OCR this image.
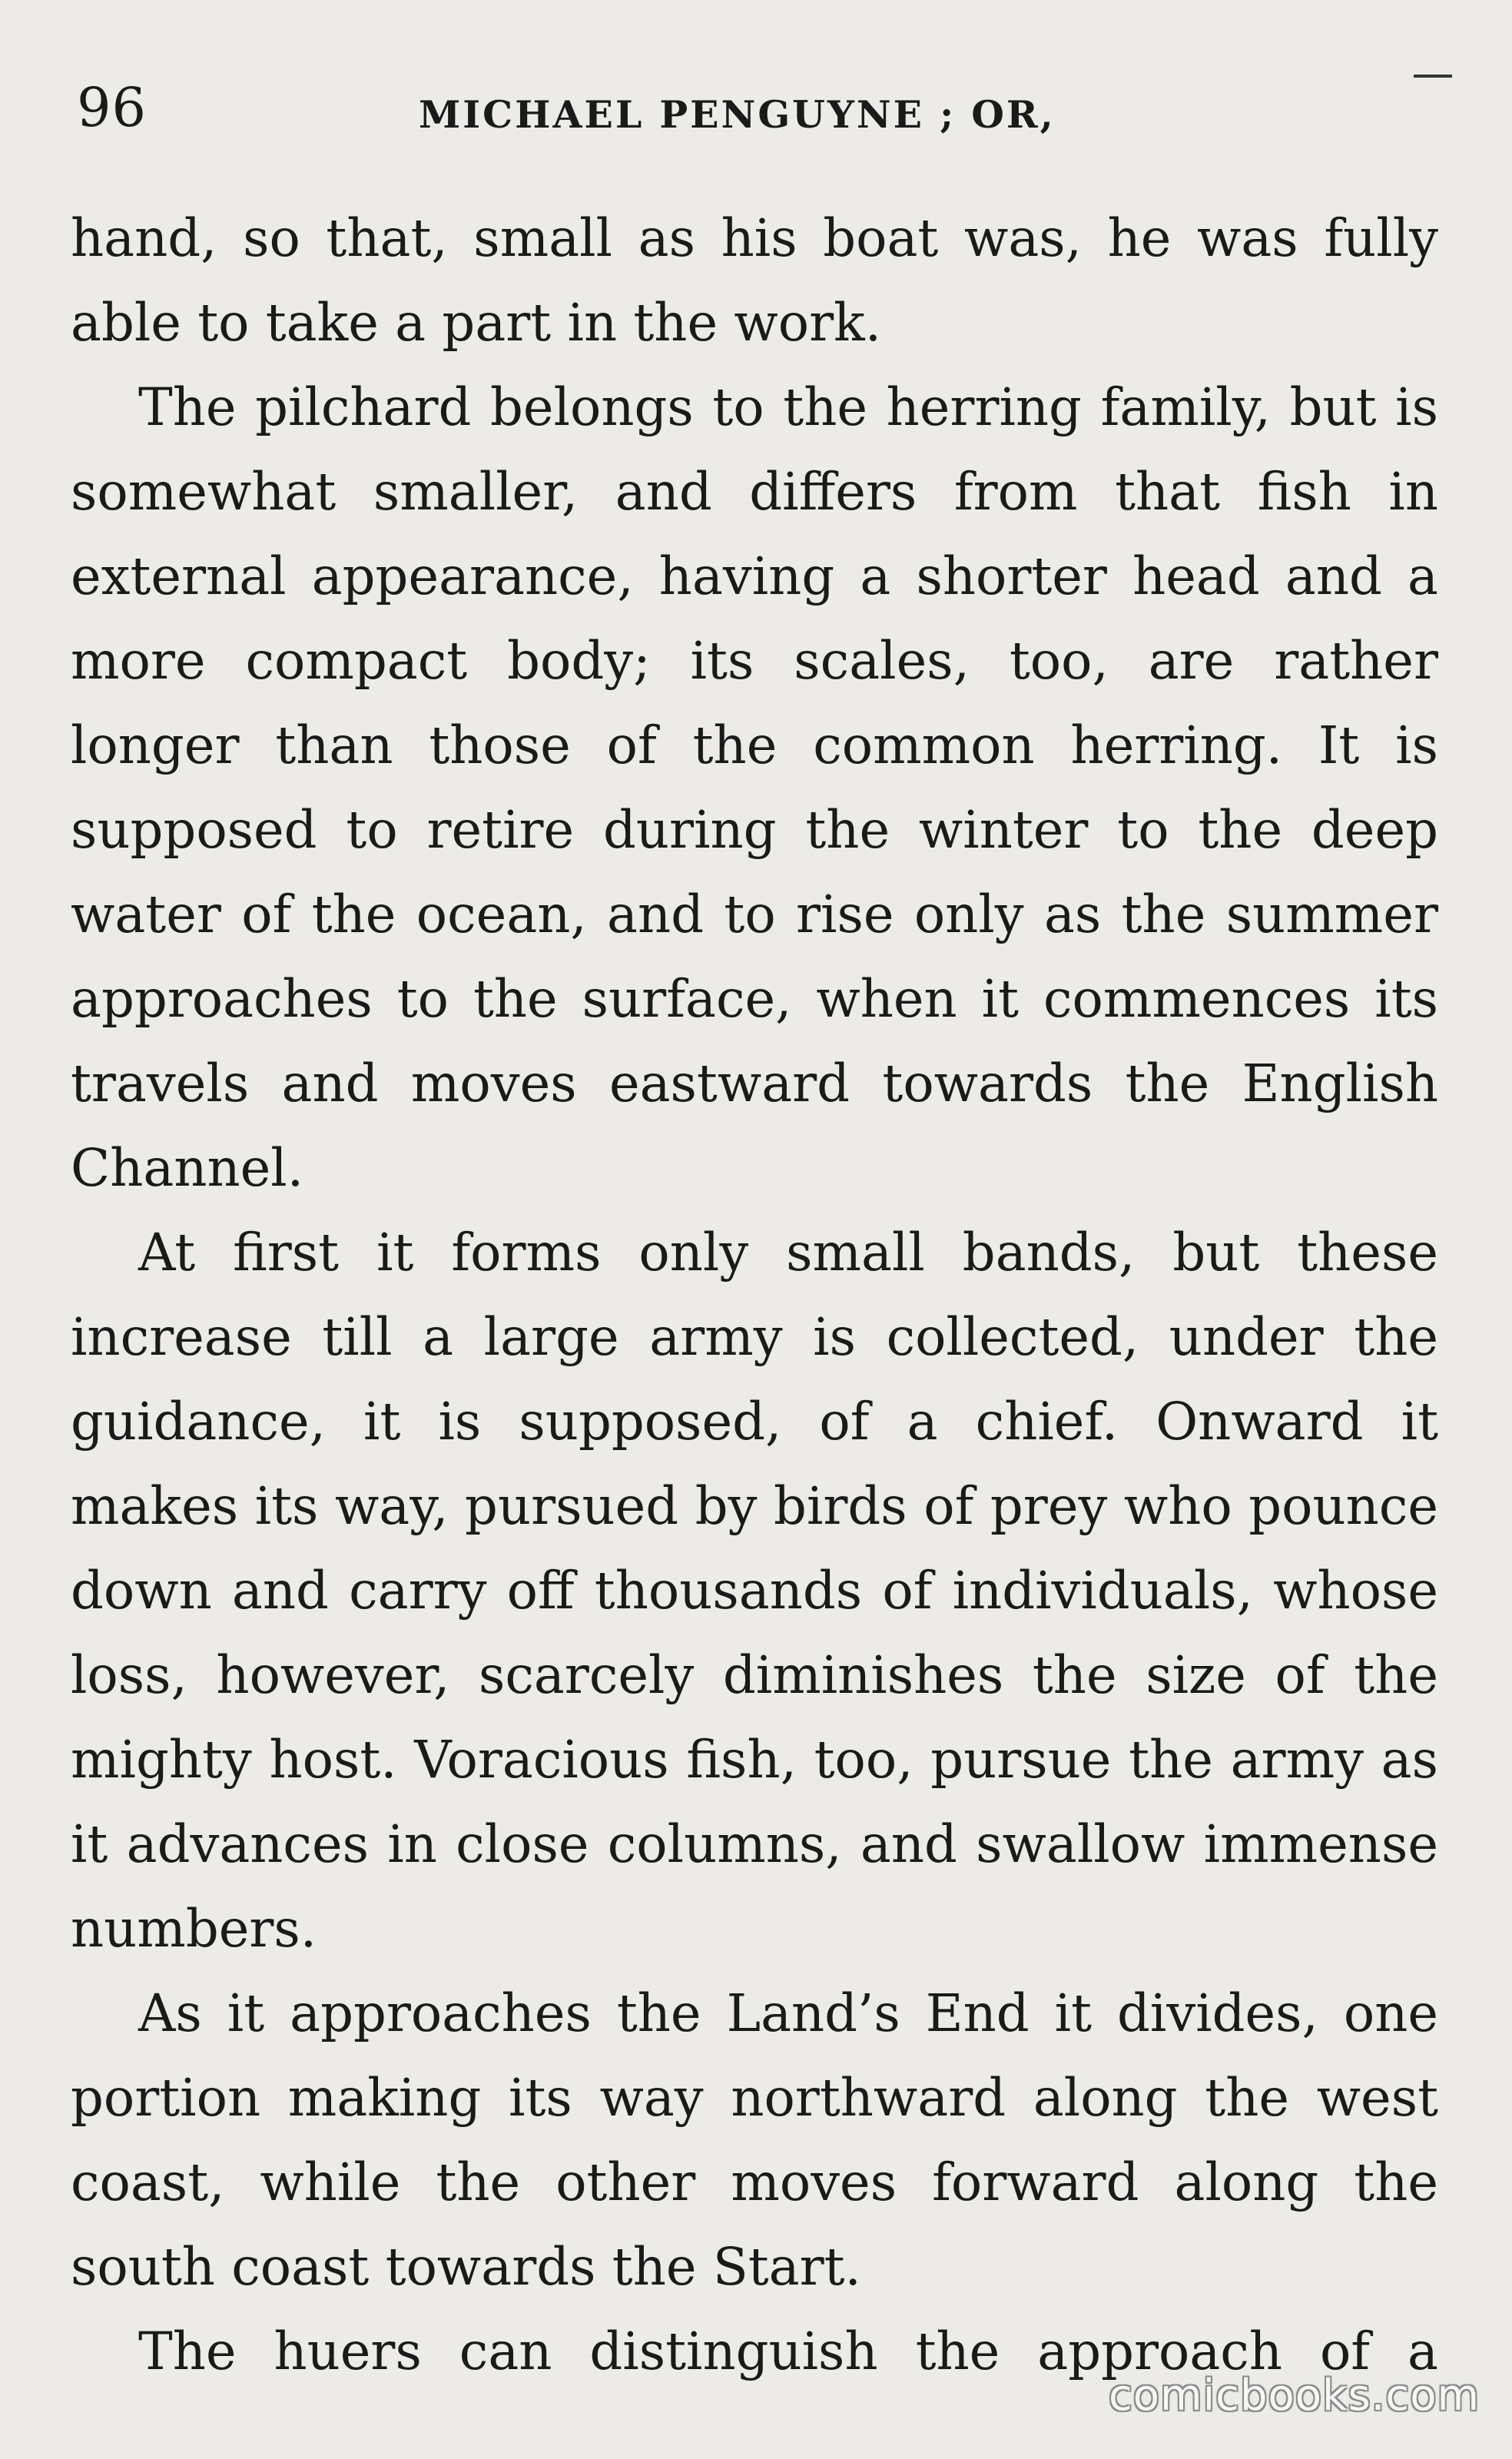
96	MICHAEL PENGUYNE ; OR,

hand, so that, small as his boat was, he was fully able to take a part in the work.

The pilchard belongs to the herring family, but is somewhat smaller, and differs from that fish in external appearance, having a shorter head and a more compact body; its scales, too, are rather longer than those of the common herring. It is supposed to retire during the winter to the deep water of the ocean, and to rise only as the summer approaches to the surface, when it commences its travels and moves eastward towards the English Channel.

At first it forms only small bands, but these increase till a large army is collected, under the guidance, it is supposed, of a chief. Onward it makes its way, pursued by birds of prey who pounce down and carry off thousands of individuals, whose loss, however, scarcely diminishes the size of the mighty host. Voracious fish, too, pursue the army as it advances in close columns, and swallow immense numbers.

As it approaches the Land’s End it divides, one portion making its way northward along the west coast, while the other moves forward along the south coast towards the Start.

The huers can distinguish the approach of a

comicbooks.com
